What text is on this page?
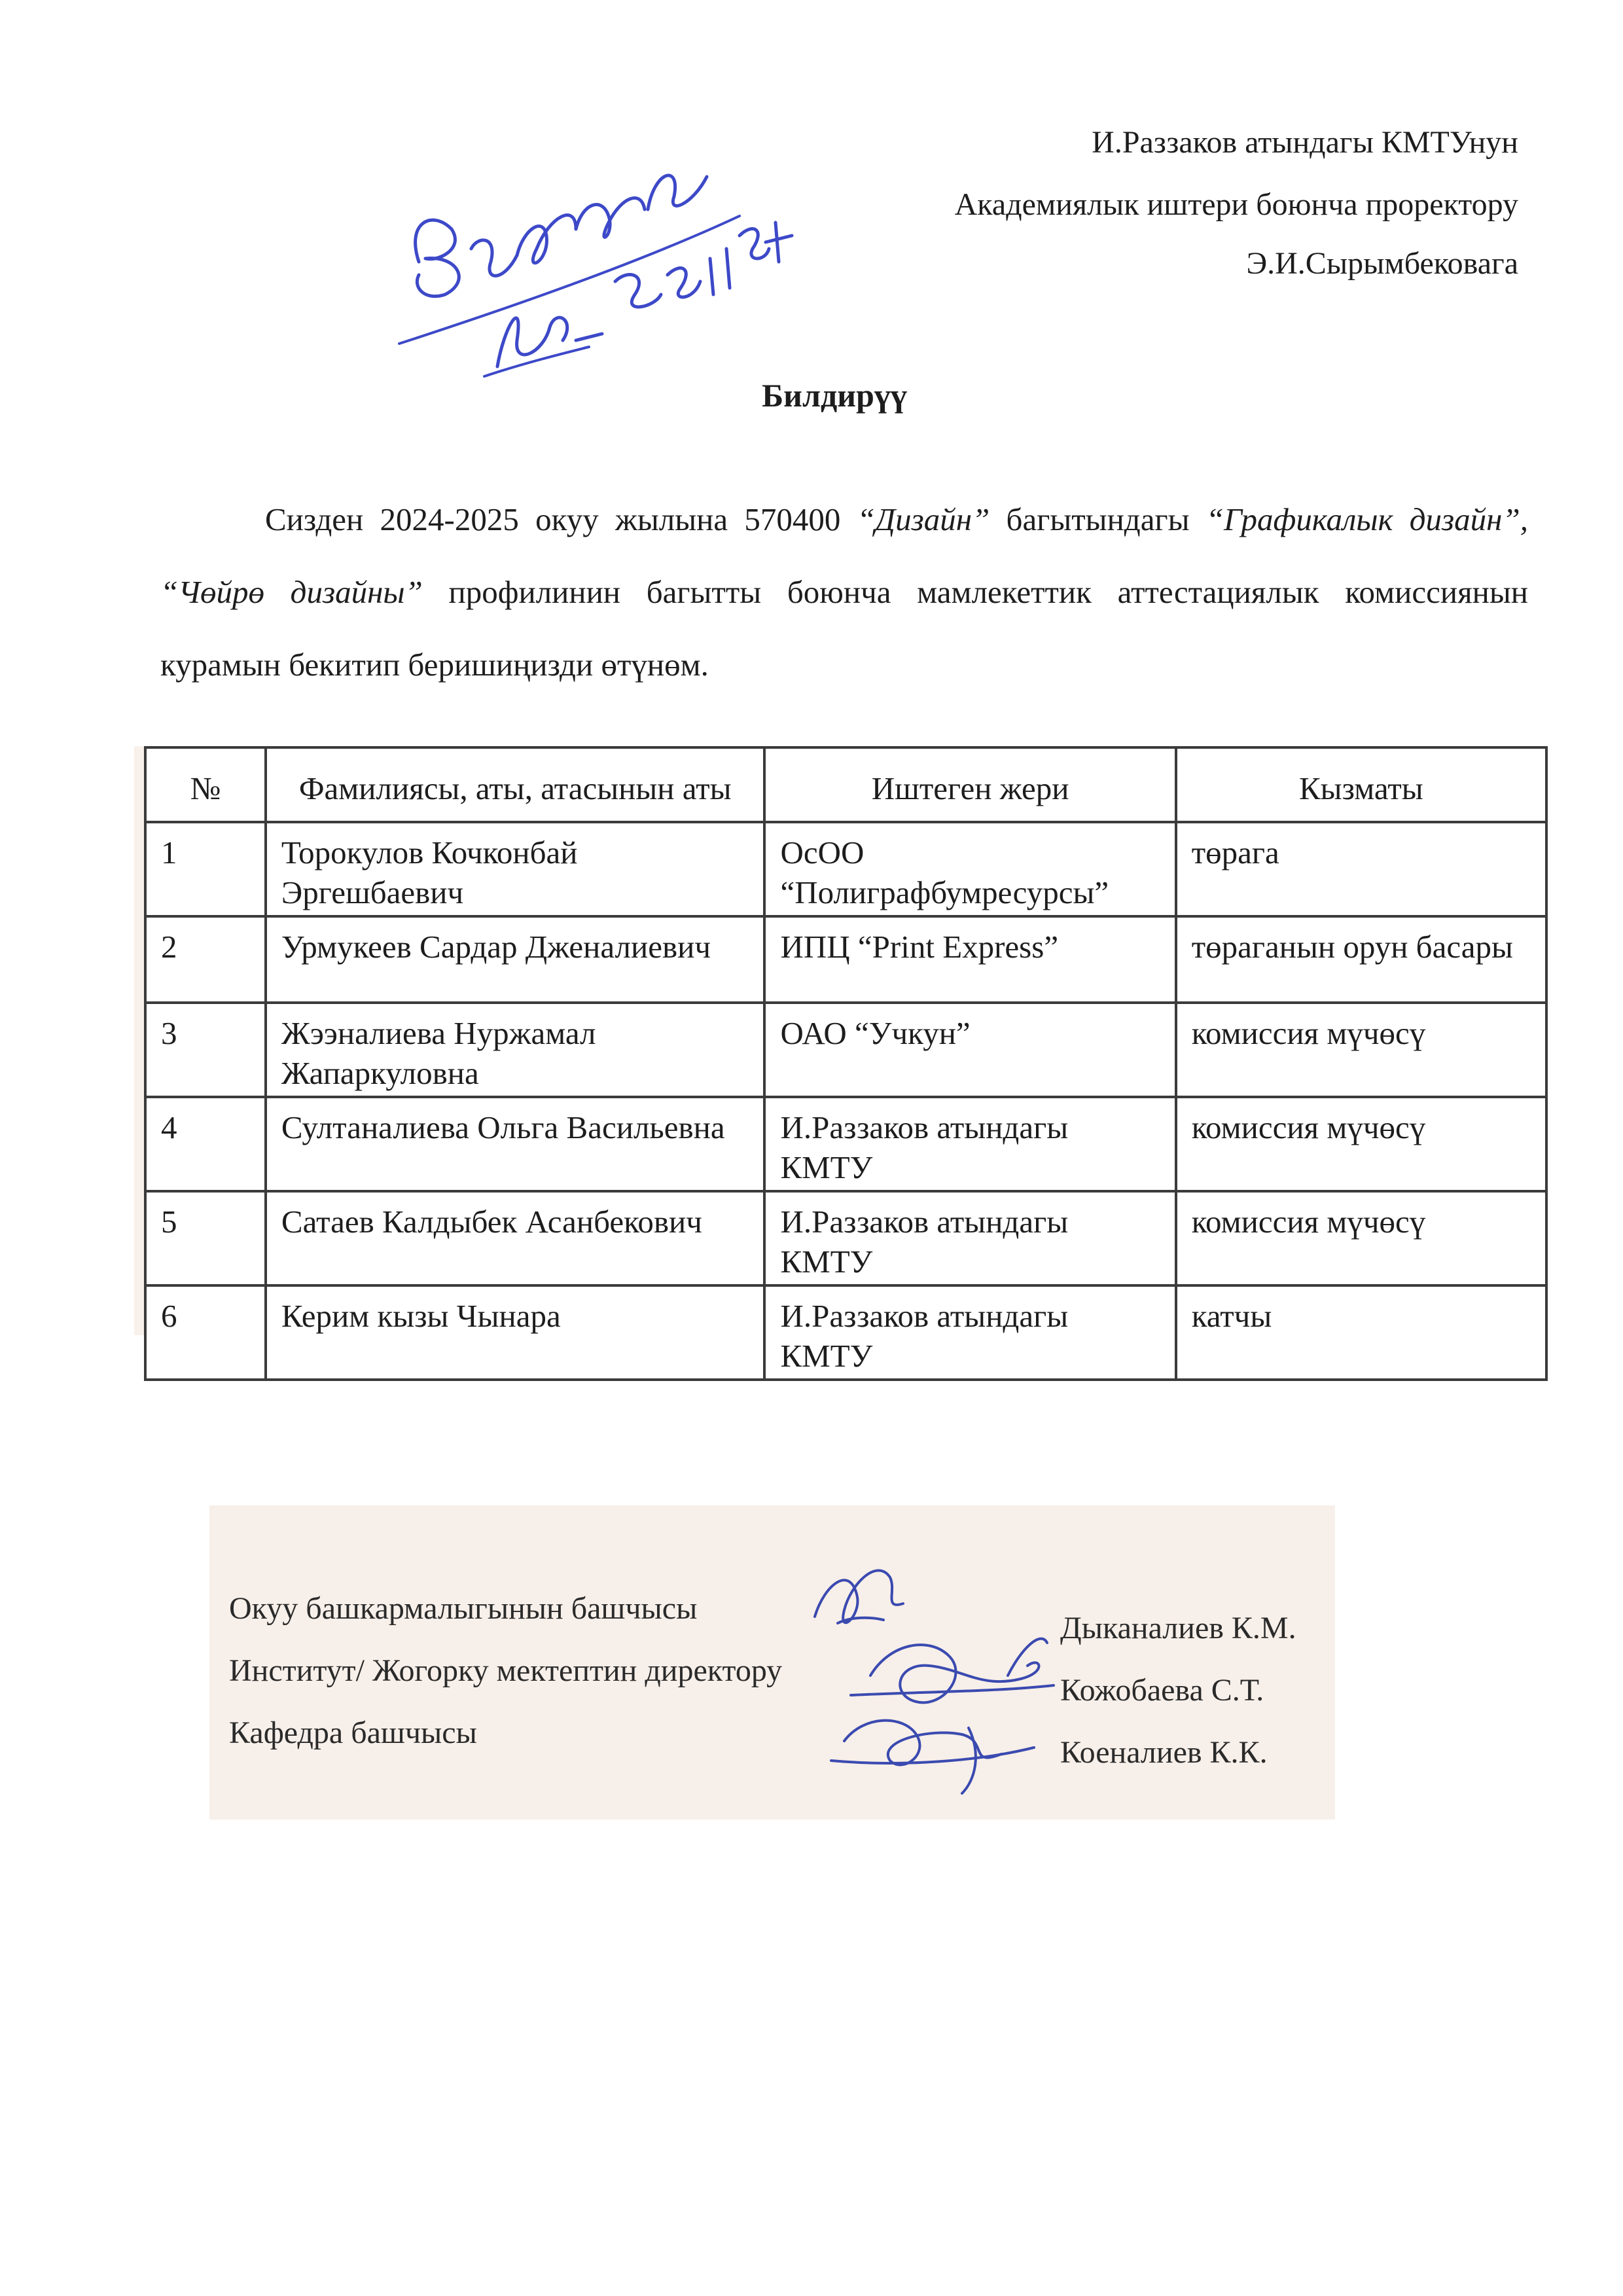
И.Раззаков атындагы КМТУнун
Академиялык иштери боюнча проректору
Э.И.Сырымбековага
Билдирүү
Сизден 2024-2025 окуу жылына 570400 “Дизайн” багытындагы “Графикалык дизайн”, “Чөйрө дизайны” профилинин багытты боюнча мамлекеттик аттестациялык комиссиянын курамын бекитип беришиңизди өтүнөм.
№	Фамилиясы, аты, атасынын аты	Иштеген жери	Кызматы
1	Торокулов Кочконбай Эргешбаевич	ОсОО “Полиграфбумресурсы”	төрага
2	Урмукеев Сардар Дженалиевич	ИПЦ “Print Express”	төраганын орун басары
3	Жээналиева Нуржамал Жапаркуловна	ОАО “Учкун”	комиссия мүчөсү
4	Султаналиева Ольга Васильевна	И.Раззаков атындагы КМТУ	комиссия мүчөсү
5	Сатаев Калдыбек Асанбекович	И.Раззаков атындагы КМТУ	комиссия мүчөсү
6	Керим кызы Чынара	И.Раззаков атындагы КМТУ	катчы
Окуу башкармалыгынын башчысы
Институт/ Жогорку мектептин директору
Кафедра башчысы
Дыканалиев К.М.
Кожобаева С.Т.
Коеналиев К.К.
